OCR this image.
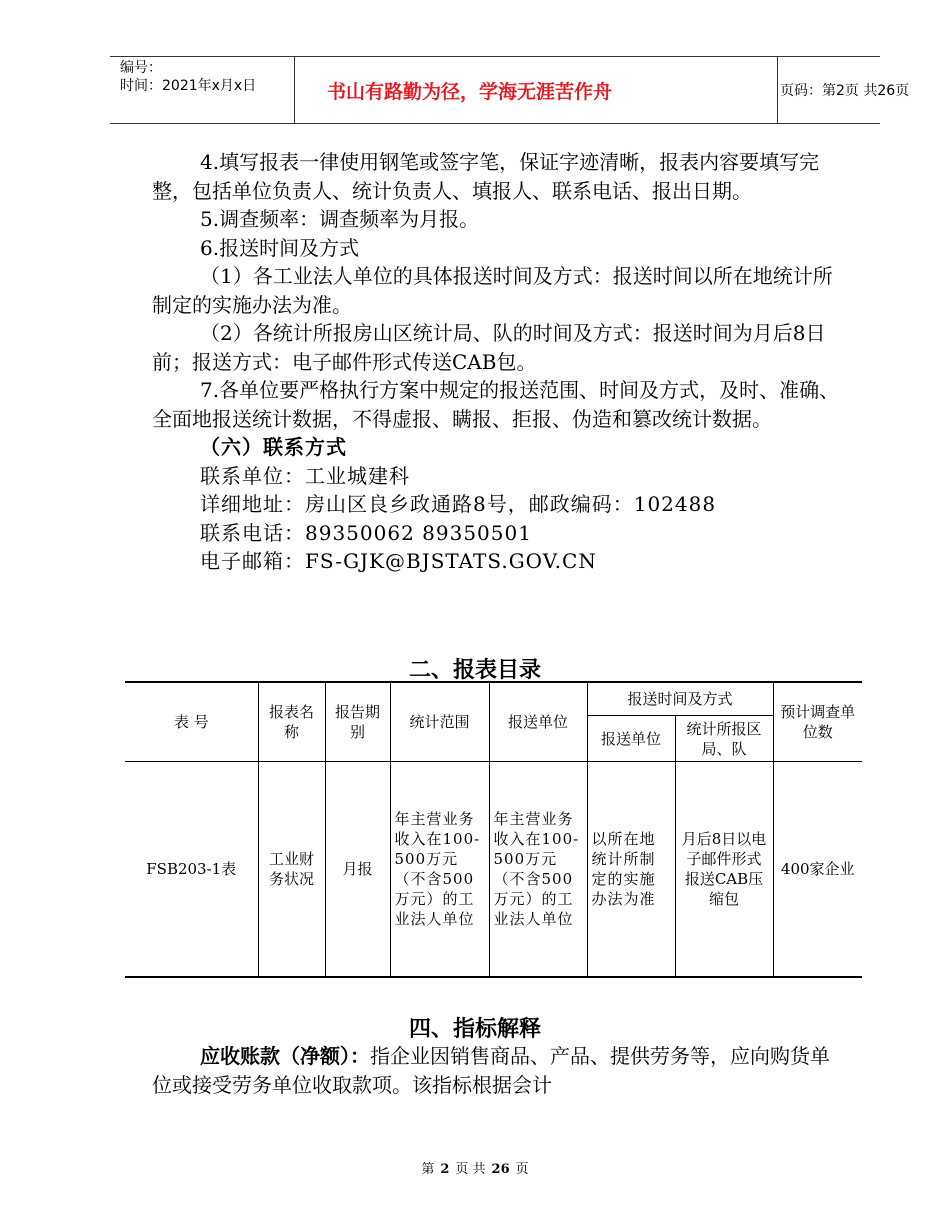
编号：
时间：2021年x月x日	书山有路勤为径，学海无涯苦作舟	页码：第2页 共26页

4.填写报表一律使用钢笔或签字笔，保证字迹清晰，报表内容要填写完整，包括单位负责人、统计负责人、填报人、联系电话、报出日期。

5.调查频率：调查频率为月报。

6.报送时间及方式

（1）各工业法人单位的具体报送时间及方式：报送时间以所在地统计所制定的实施办法为准。

（2）各统计所报房山区统计局、队的时间及方式：报送时间为月后8日前；报送方式：电子邮件形式传送CAB包。

7.各单位要严格执行方案中规定的报送范围、时间及方式，及时、准确、全面地报送统计数据，不得虚报、瞒报、拒报、伪造和篡改统计数据。

（六）联系方式

联系单位：工业城建科

详细地址：房山区良乡政通路8号，邮政编码：102488

联系电话：89350062 89350501

电子邮箱：FS-GJK@BJSTATS.GOV.CN

二、报表目录
表 号	报表名称	报告期别	统计范围	报送单位	报送时间及方式		预计调查单位数
					报送单位	统计所报区局、队	
FSB203-1表	工业财务状况	月报	年主营业务收入在100-500万元（不含500万元）的工业法人单位	年主营业务收入在100-500万元（不含500万元）的工业法人单位	以所在地统计所制定的实施办法为准	月后8日以电子邮件形式报送CAB压缩包	400家企业
四、指标解释

应收账款（净额）：指企业因销售商品、产品、提供劳务等，应向购货单位或接受劳务单位收取款项。该指标根据会计

第 2 页 共 26 页
